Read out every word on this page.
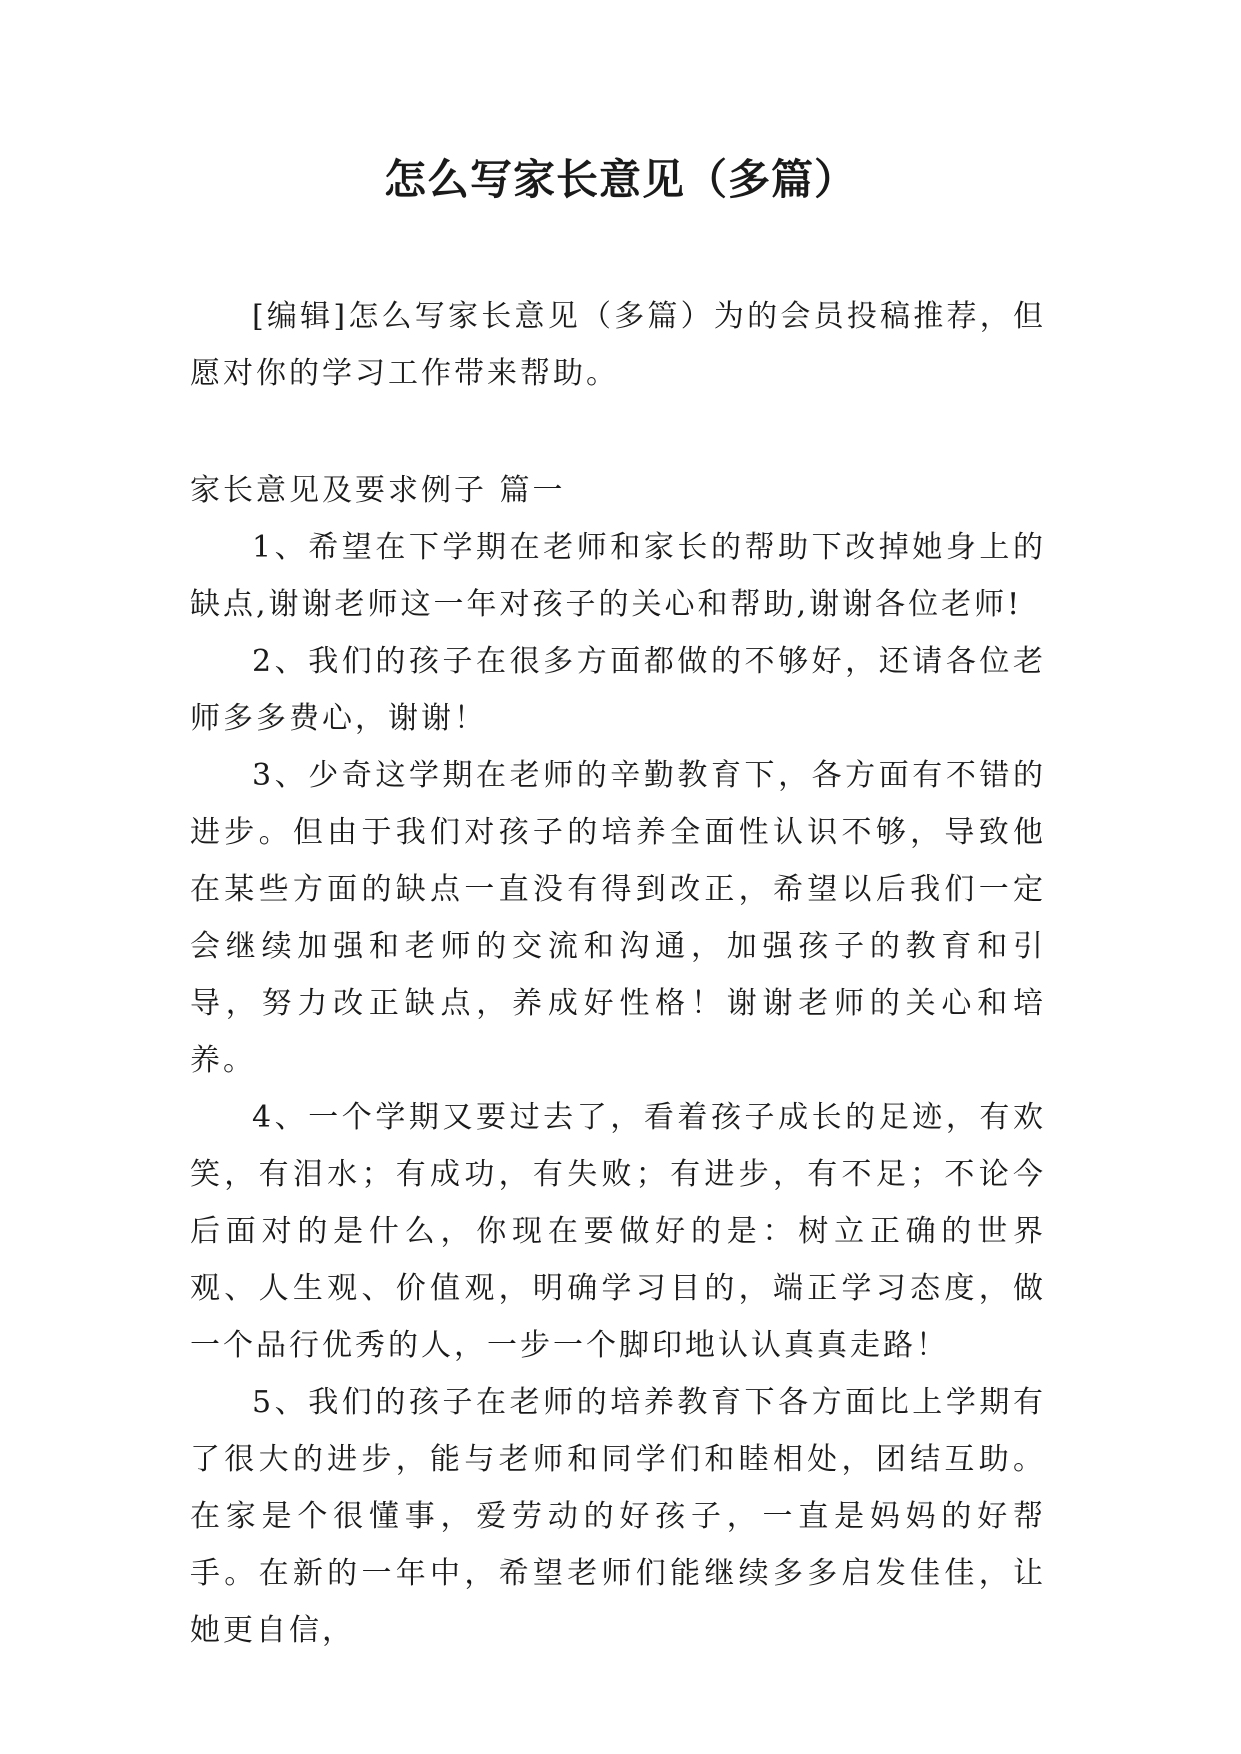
怎么写家长意见（多篇）

[编辑]怎么写家长意见（多篇）为的会员投稿推荐，但愿对你的学习工作带来帮助。

家长意见及要求例子 篇一

1、希望在下学期在老师和家长的帮助下改掉她身上的缺点,谢谢老师这一年对孩子的关心和帮助,谢谢各位老师!
2、我们的孩子在很多方面都做的不够好，还请各位老师多多费心，谢谢！
3、少奇这学期在老师的辛勤教育下，各方面有不错的进步。但由于我们对孩子的培养全面性认识不够，导致他在某些方面的缺点一直没有得到改正，希望以后我们一定会继续加强和老师的交流和沟通，加强孩子的教育和引导，努力改正缺点，养成好性格！谢谢老师的关心和培养。
4、一个学期又要过去了，看着孩子成长的足迹，有欢笑，有泪水；有成功，有失败；有进步，有不足；不论今后面对的是什么，你现在要做好的是：树立正确的世界观、人生观、价值观，明确学习目的，端正学习态度，做一个品行优秀的人，一步一个脚印地认认真真走路！
5、我们的孩子在老师的培养教育下各方面比上学期有了很大的进步，能与老师和同学们和睦相处，团结互助。在家是个很懂事，爱劳动的好孩子，一直是妈妈的好帮手。在新的一年中，希望老师们能继续多多启发佳佳，让她更自信，
